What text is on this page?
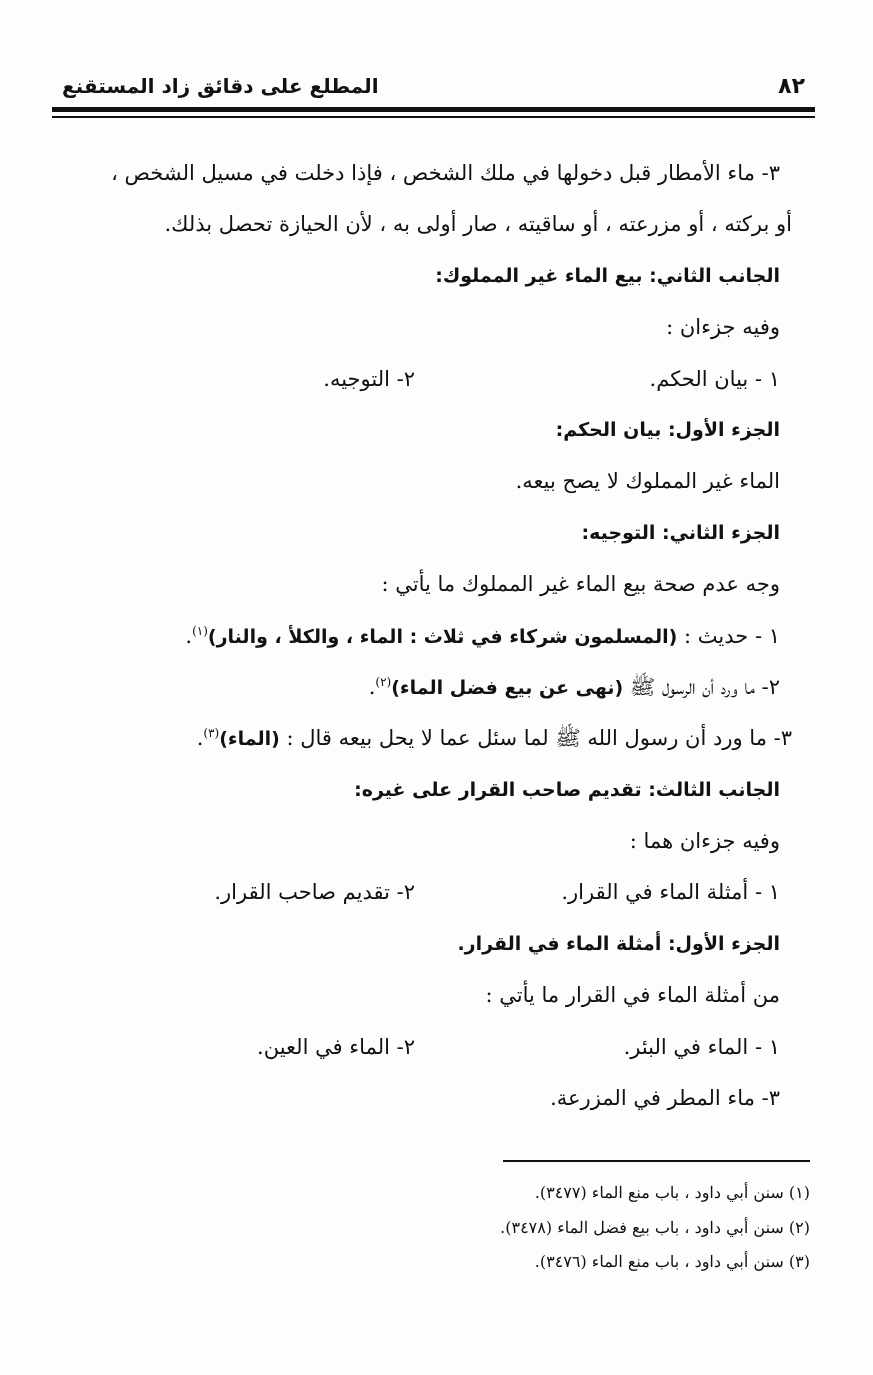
٨٢
المطلع على دقائق زاد المستقنع
٣- ماء الأمطار قبل دخولها في ملك الشخص ، فإذا دخلت في مسيل الشخص ،
أو بركته ، أو مزرعته ، أو ساقيته ، صار أولى به ، لأن الحيازة تحصل بذلك.
الجانب الثاني: بيع الماء غير المملوك:
وفيه جزءان :
١ - بيان الحكم.
٢- التوجيه.
الجزء الأول: بيان الحكم:
الماء غير المملوك لا يصح بيعه.
الجزء الثاني: التوجيه:
وجه عدم صحة بيع الماء غير المملوك ما يأتي :
١ - حديث : (المسلمون شركاء في ثلاث : الماء ، والكلأ ، والنار)$^{(١)}$.
٢- ما ورد أن الرسول ﷺ (نهى عن بيع فضل الماء)$^{(٢)}$.
٣- ما ورد أن رسول الله ﷺ لما سئل عما لا يحل بيعه قال : (الماء)$^{(٣)}$.
الجانب الثالث: تقديم صاحب القرار على غيره:
وفيه جزءان هما :
١ - أمثلة الماء في القرار.
٢- تقديم صاحب القرار.
الجزء الأول: أمثلة الماء في القرار.
من أمثلة الماء في القرار ما يأتي :
١ - الماء في البئر.
٢- الماء في العين.
٣- ماء المطر في المزرعة.
(١) سنن أبي داود ، باب منع الماء (٣٤٧٧).
(٢) سنن أبي داود ، باب بيع فضل الماء (٣٤٧٨).
(٣) سنن أبي داود ، باب منع الماء (٣٤٧٦).
